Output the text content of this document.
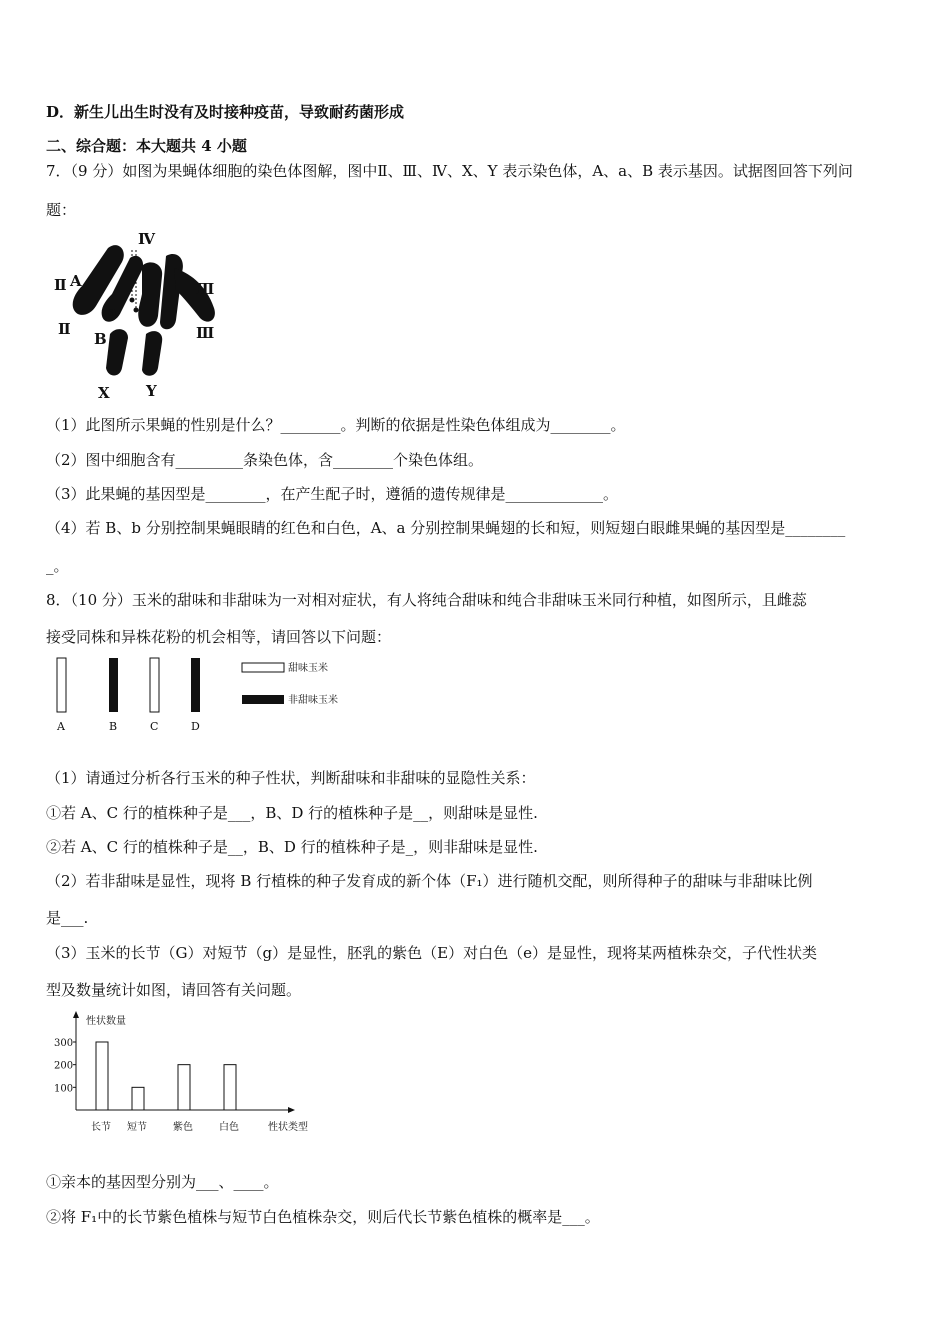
D．新生儿出生时没有及时接种疫苗，导致耐药菌形成
二、综合题：本大题共 4 小题
7．（9 分）如图为果蝇体细胞的染色体图解，图中Ⅱ、Ⅲ、Ⅳ、X、Y 表示染色体，A、a、B 表示基因。试据图回答下列问
题：
Ⅳ
Ⅱ A
Ⅱ
a
B
Ⅲ
Ⅲ
X Y
（1）此图所示果蝇的性别是什么？________。判断的依据是性染色体组成为________。
（2）图中细胞含有_________条染色体，含________个染色体组。
（3）此果蝇的基因型是________，在产生配子时，遵循的遗传规律是_____________。
（4）若 B、b 分别控制果蝇眼睛的红色和白色，A、a 分别控制果蝇翅的长和短，则短翅白眼雌果蝇的基因型是________
_。
8．（10 分）玉米的甜味和非甜味为一对相对症状，有人将纯合甜味和纯合非甜味玉米同行种植，如图所示，且雌蕊
接受同株和异株花粉的机会相等，请回答以下问题：
A	B	C	D
甜味玉米
非甜味玉米
（1）请通过分析各行玉米的种子性状，判断甜味和非甜味的显隐性关系：
①若 A、C 行的植株种子是___，B、D 行的植株种子是__，则甜味是显性.
②若 A、C 行的植株种子是__，B、D 行的植株种子是_，则非甜味是显性.
（2）若非甜味是显性，现将 B 行植株的种子发育成的新个体（F₁）进行随机交配，则所得种子的甜味与非甜味比例
是___.
（3）玉米的长节（G）对短节（g）是显性，胚乳的紫色（E）对白色（e）是显性，现将某两植株杂交，子代性状类
型及数量统计如图，请回答有关问题。
性状数量
性状类型
长节 短节	紫色	白色
100
200
300
①亲本的基因型分别为___、____。
②将 F₁中的长节紫色植株与短节白色植株杂交，则后代长节紫色植株的概率是___。
